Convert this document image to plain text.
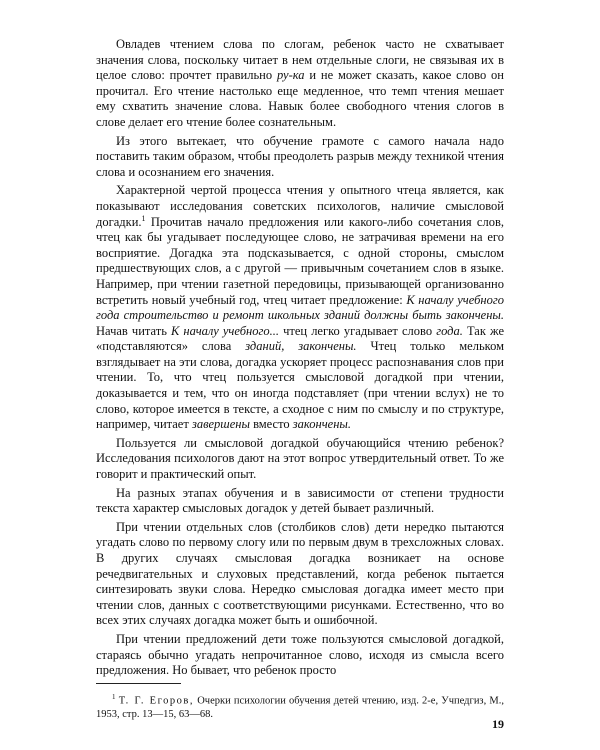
Овладев чтением слова по слогам, ребенок часто не схватывает значения слова, поскольку читает в нем отдельные слоги, не связывая их в целое слово: прочтет правильно ру-ка и не может сказать, какое слово он прочитал. Его чтение настолько еще медленное, что темп чтения мешает ему схватить значение слова. Навык более свободного чтения слогов в слове делает его чтение более сознательным.

Из этого вытекает, что обучение грамоте с самого начала надо поставить таким образом, чтобы преодолеть разрыв между техникой чтения слова и осознанием его значения.

Характерной чертой процесса чтения у опытного чтеца является, как показывают исследования советских психологов, наличие смысловой догадки.$^1$ Прочитав начало предложения или какого-либо сочетания слов, чтец как бы угадывает последующее слово, не затрачивая времени на его восприятие. Догадка эта подсказывается, с одной стороны, смыслом предшествующих слов, а с другой — привычным сочетанием слов в языке. Например, при чтении газетной передовицы, призывающей организованно встретить новый учебный год, чтец читает предложение: К началу учебного года строительство и ремонт школьных зданий должны быть закончены. Начав читать К началу учебного... чтец легко угадывает слово года. Так же «подставляются» слова зданий, закончены. Чтец только мельком взглядывает на эти слова, догадка ускоряет процесс распознавания слов при чтении. То, что чтец пользуется смысловой догадкой при чтении, доказывается и тем, что он иногда подставляет (при чтении вслух) не то слово, которое имеется в тексте, а сходное с ним по смыслу и по структуре, например, читает завершены вместо закончены.

Пользуется ли смысловой догадкой обучающийся чтению ребенок? Исследования психологов дают на этот вопрос утвердительный ответ. То же говорит и практический опыт.

На разных этапах обучения и в зависимости от степени трудности текста характер смысловых догадок у детей бывает различный.

При чтении отдельных слов (столбиков слов) дети нередко пытаются угадать слово по первому слогу или по первым двум в трехсложных словах. В других случаях смысловая догадка возникает на основе речедвигательных и слуховых представлений, когда ребенок пытается синтезировать звуки слова. Нередко смысловая догадка имеет место при чтении слов, данных с соответствующими рисунками. Естественно, что во всех этих случаях догадка может быть и ошибочной.

При чтении предложений дети тоже пользуются смысловой догадкой, стараясь обычно угадать непрочитанное слово, исходя из смысла всего предложения. Но бывает, что ребенок просто

$^1$ Т. Г. Егоров, Очерки психологии обучения детей чтению, изд. 2-е, Учпедгиз, М., 1953, стр. 13—15, 63—68.
19
